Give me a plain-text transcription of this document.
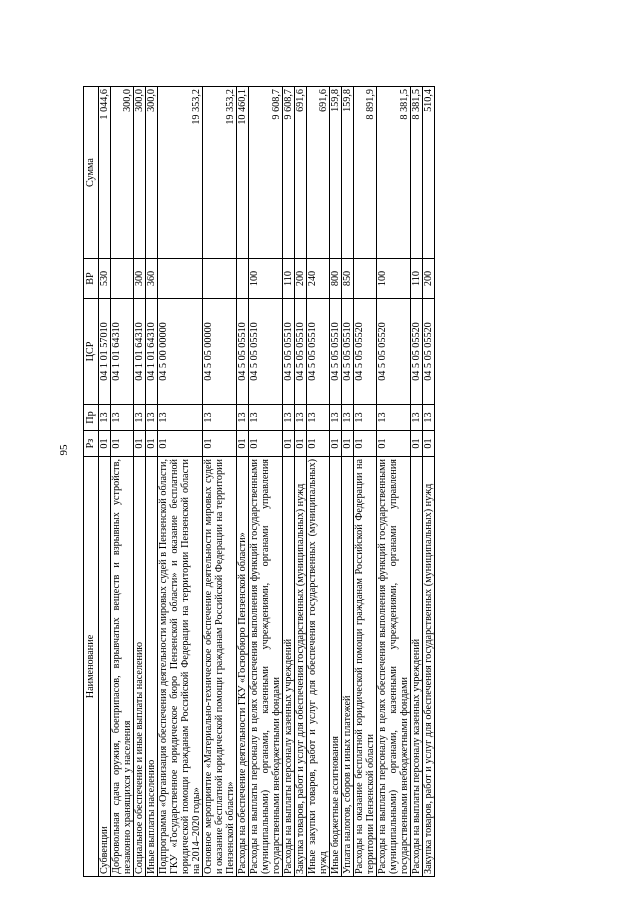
95
Наименование	Рз	Пр	ЦСР	ВР	Сумма
Субвенции	01	13	04 1 01 57010	530	1 044,6
Добровольная сдача оружия, боеприпасов, взрывчатых веществ и взрывных устройств, незаконно хранящихся у населения	01	13	04 1 01 64310		300,0
Социальное обеспечение и иные выплаты населению	01	13	04 1 01 64310	300	300,0
Иные выплаты населению	01	13	04 1 01 64310	360	300,0
Подпрограмма «Организация обеспечения деятельности мировых судей в Пензенской области, ГКУ «Государственное юридическое бюро Пензенской области» и оказание бесплатной юридической помощи гражданам Российской Федерации на территории Пензенской области на 2014–2020 годы»	01	13	04 5 00 00000		19 353,2
Основное мероприятие «Материально-техническое обеспечение деятельности мировых судей и оказание бесплатной юридической помощи гражданам Российской Федерации на территории Пензенской области»	01	13	04 5 05 00000		19 353,2
Расходы на обеспечение деятельности ГКУ «Госюрбюро Пензенской области»	01	13	04 5 05 05510		10 460,1
Расходы на выплаты персоналу в целях обеспечения выполнения функций государственными (муниципальными) органами, казенными учреждениями, органами управления государственными внебюджетными фондами	01	13	04 5 05 05510	100	9 608,7
Расходы на выплаты персоналу казенных учреждений	01	13	04 5 05 05510	110	9 608,7
Закупка товаров, работ и услуг для обеспечения государственных (муниципальных) нужд	01	13	04 5 05 05510	200	691,6
Иные закупки товаров, работ и услуг для обеспечения государственных (муниципальных) нужд	01	13	04 5 05 05510	240	691,6
Иные бюджетные ассигнования	01	13	04 5 05 05510	800	159,8
Уплата налогов, сборов и иных платежей	01	13	04 5 05 05510	850	159,8
Расходы на оказание бесплатной юридической помощи гражданам Российской Федерации на территории Пензенской области	01	13	04 5 05 05520		8 891,9
Расходы на выплаты персоналу в целях обеспечения выполнения функций государственными (муниципальными) органами, казенными учреждениями, органами управления государственными внебюджетными фондами	01	13	04 5 05 05520	100	8 381,5
Расходы на выплаты персоналу казенных учреждений	01	13	04 5 05 05520	110	8 381,5
Закупка товаров, работ и услуг для обеспечения государственных (муниципальных) нужд	01	13	04 5 05 05520	200	510,4
